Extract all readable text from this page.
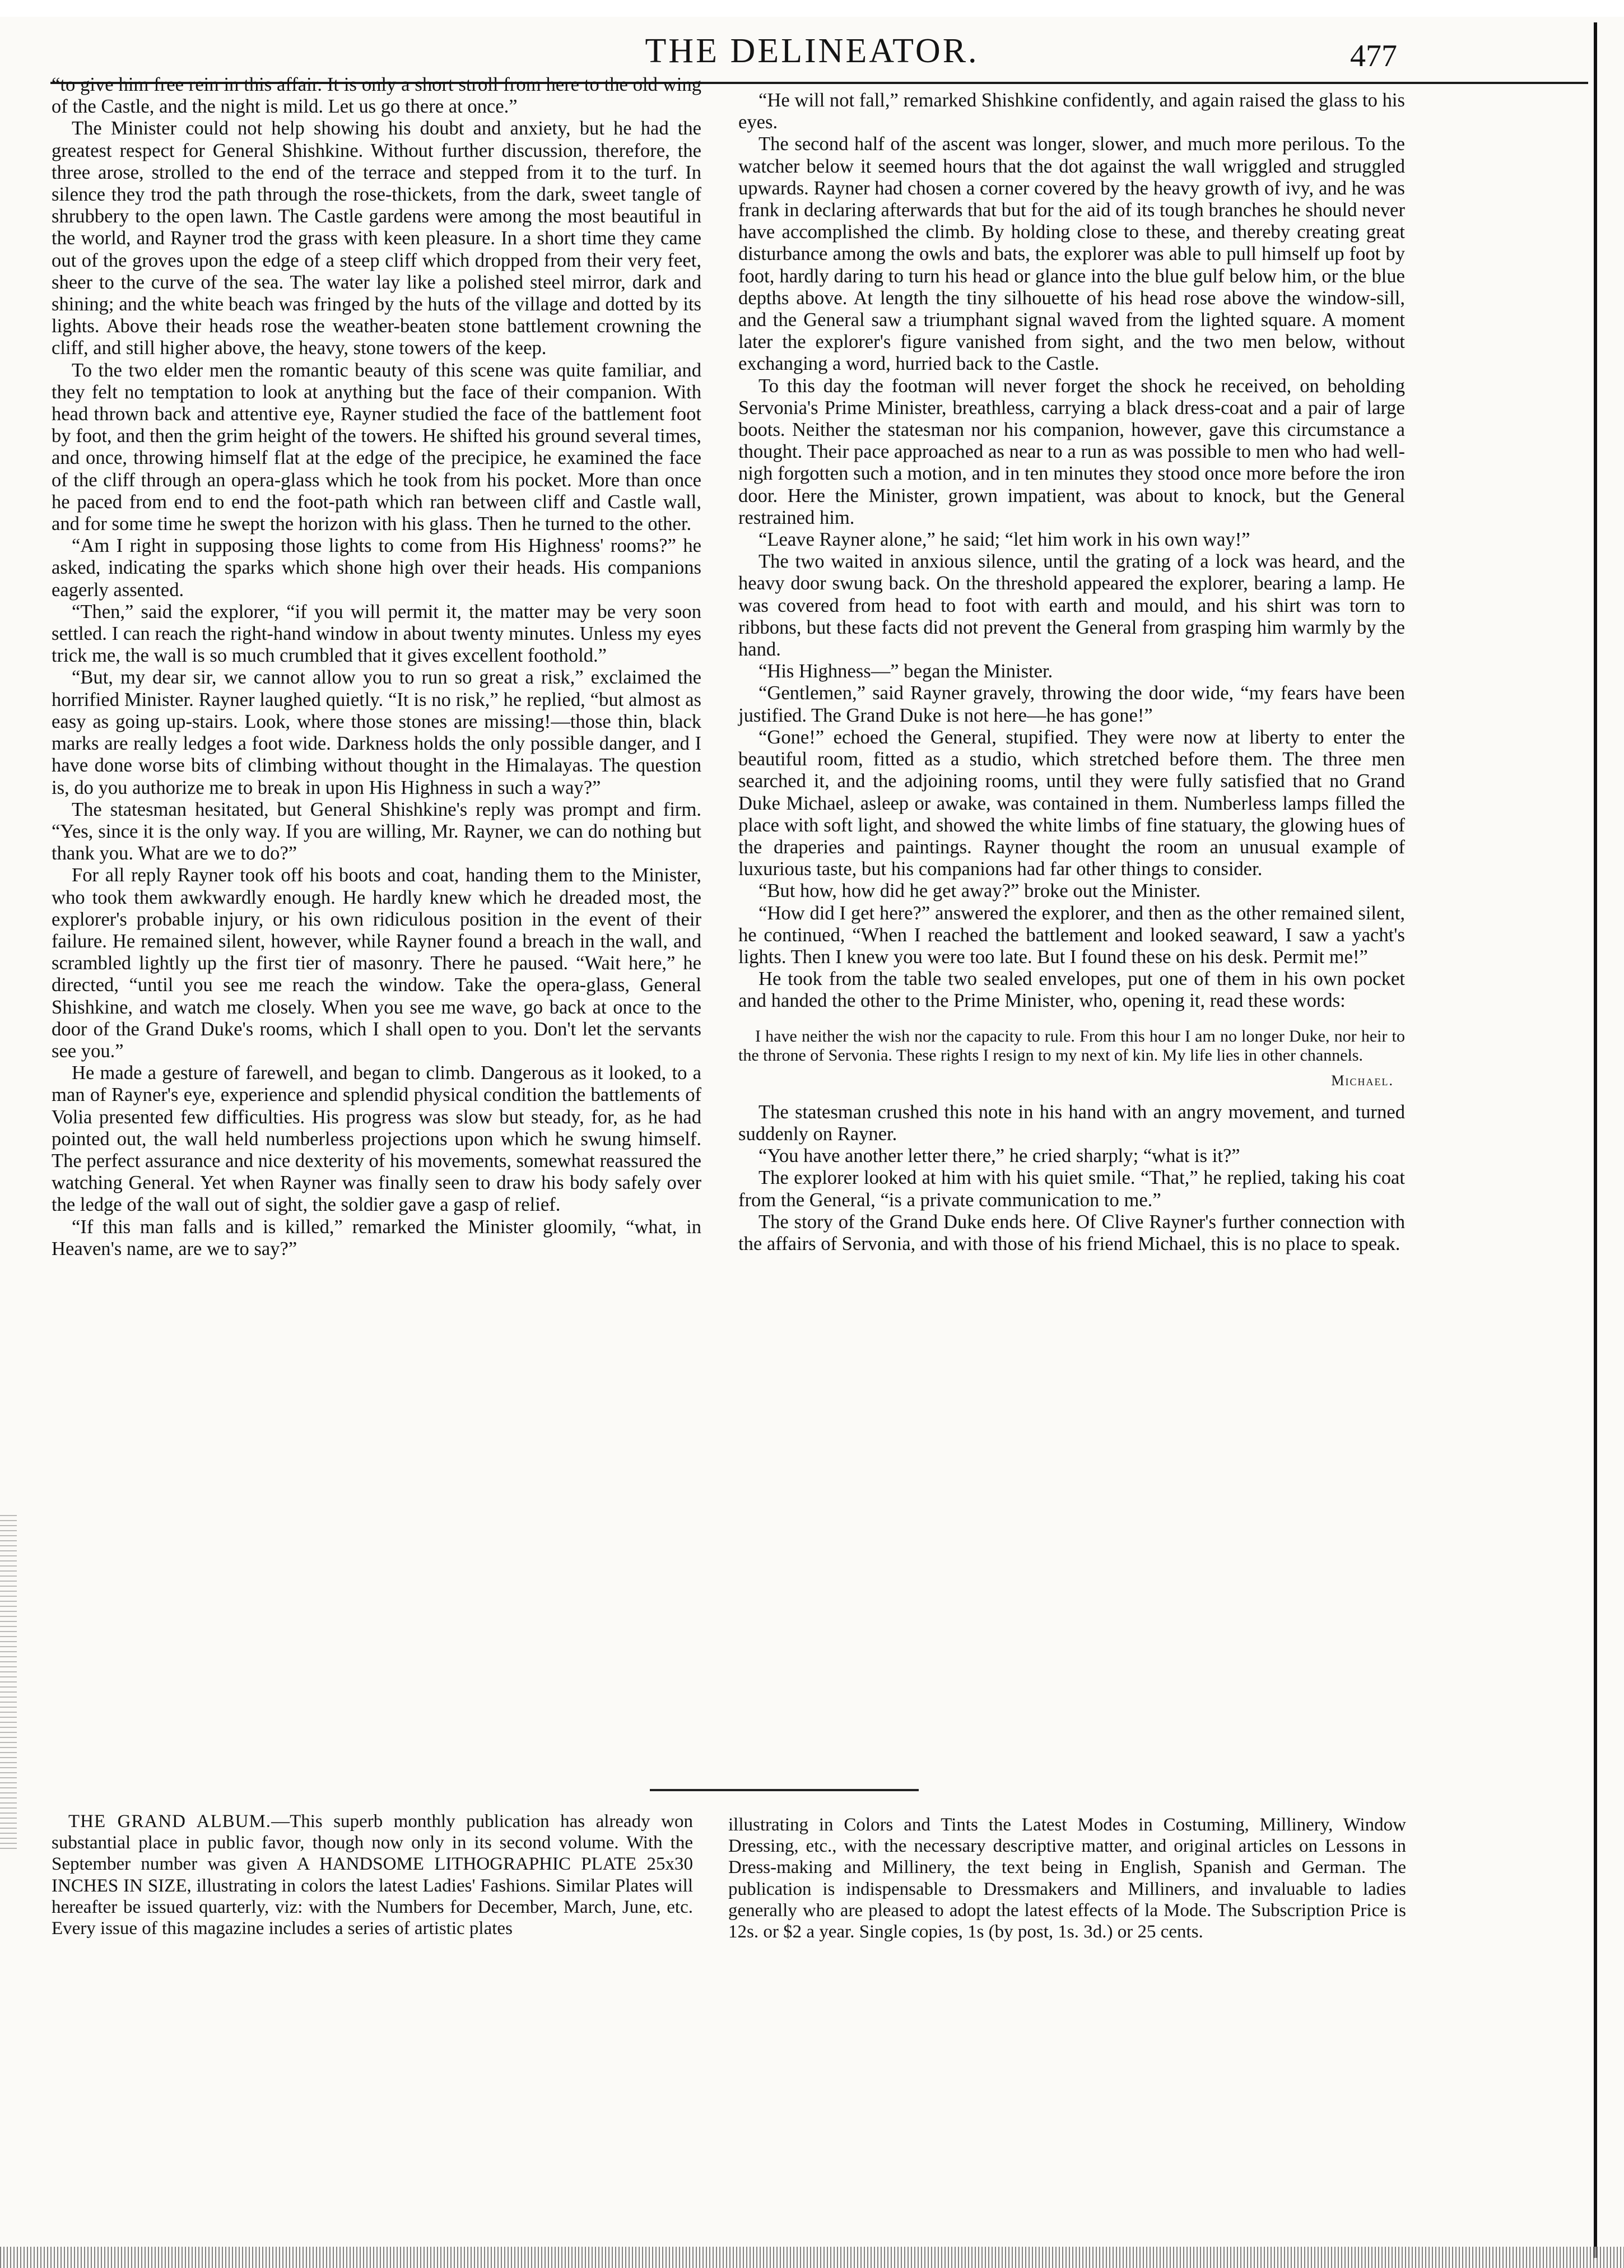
THE DELINEATOR.	477

“to give him free rein in this affair. It is only a short stroll from here to the old wing of the Castle, and the night is mild. Let us go there at once.”

The Minister could not help showing his doubt and anxiety, but he had the greatest respect for General Shishkine. Without further discussion, therefore, the three arose, strolled to the end of the terrace and stepped from it to the turf. In silence they trod the path through the rose-thickets, from the dark, sweet tangle of shrubbery to the open lawn. The Castle gardens were among the most beautiful in the world, and Rayner trod the grass with keen pleasure. In a short time they came out of the groves upon the edge of a steep cliff which dropped from their very feet, sheer to the curve of the sea. The water lay like a polished steel mirror, dark and shining; and the white beach was fringed by the huts of the village and dotted by its lights. Above their heads rose the weather-beaten stone battlement crowning the cliff, and still higher above, the heavy, stone towers of the keep.

To the two elder men the romantic beauty of this scene was quite familiar, and they felt no temptation to look at anything but the face of their companion. With head thrown back and attentive eye, Rayner studied the face of the battlement foot by foot, and then the grim height of the towers. He shifted his ground several times, and once, throwing himself flat at the edge of the precipice, he examined the face of the cliff through an opera-glass which he took from his pocket. More than once he paced from end to end the foot-path which ran between cliff and Castle wall, and for some time he swept the horizon with his glass. Then he turned to the other.

“Am I right in supposing those lights to come from His Highness' rooms?” he asked, indicating the sparks which shone high over their heads. His companions eagerly assented.

“Then,” said the explorer, “if you will permit it, the matter may be very soon settled. I can reach the right-hand window in about twenty minutes. Unless my eyes trick me, the wall is so much crumbled that it gives excellent foothold.”

“But, my dear sir, we cannot allow you to run so great a risk,” exclaimed the horrified Minister. Rayner laughed quietly. “It is no risk,” he replied, “but almost as easy as going up-stairs. Look, where those stones are missing!—those thin, black marks are really ledges a foot wide. Darkness holds the only possible danger, and I have done worse bits of climbing without thought in the Himalayas. The question is, do you authorize me to break in upon His Highness in such a way?”

The statesman hesitated, but General Shishkine's reply was prompt and firm. “Yes, since it is the only way. If you are willing, Mr. Rayner, we can do nothing but thank you. What are we to do?”

For all reply Rayner took off his boots and coat, handing them to the Minister, who took them awkwardly enough. He hardly knew which he dreaded most, the explorer's probable injury, or his own ridiculous position in the event of their failure. He remained silent, however, while Rayner found a breach in the wall, and scrambled lightly up the first tier of masonry. There he paused. “Wait here,” he directed, “until you see me reach the window. Take the opera-glass, General Shishkine, and watch me closely. When you see me wave, go back at once to the door of the Grand Duke's rooms, which I shall open to you. Don't let the servants see you.”

He made a gesture of farewell, and began to climb. Dangerous as it looked, to a man of Rayner's eye, experience and splendid physical condition the battlements of Volia presented few difficulties. His progress was slow but steady, for, as he had pointed out, the wall held numberless projections upon which he swung himself. The perfect assurance and nice dexterity of his movements, somewhat reassured the watching General. Yet when Rayner was finally seen to draw his body safely over the ledge of the wall out of sight, the soldier gave a gasp of relief.

“If this man falls and is killed,” remarked the Minister gloomily, “what, in Heaven's name, are we to say?”

“He will not fall,” remarked Shishkine confidently, and again raised the glass to his eyes.

The second half of the ascent was longer, slower, and much more perilous. To the watcher below it seemed hours that the dot against the wall wriggled and struggled upwards. Rayner had chosen a corner covered by the heavy growth of ivy, and he was frank in declaring afterwards that but for the aid of its tough branches he should never have accomplished the climb. By holding close to these, and thereby creating great disturbance among the owls and bats, the explorer was able to pull himself up foot by foot, hardly daring to turn his head or glance into the blue gulf below him, or the blue depths above. At length the tiny silhouette of his head rose above the window-sill, and the General saw a triumphant signal waved from the lighted square. A moment later the explorer's figure vanished from sight, and the two men below, without exchanging a word, hurried back to the Castle.

To this day the footman will never forget the shock he received, on beholding Servonia's Prime Minister, breathless, carrying a black dress-coat and a pair of large boots. Neither the statesman nor his companion, however, gave this circumstance a thought. Their pace approached as near to a run as was possible to men who had well-nigh forgotten such a motion, and in ten minutes they stood once more before the iron door. Here the Minister, grown impatient, was about to knock, but the General restrained him.

“Leave Rayner alone,” he said; “let him work in his own way!”

The two waited in anxious silence, until the grating of a lock was heard, and the heavy door swung back. On the threshold appeared the explorer, bearing a lamp. He was covered from head to foot with earth and mould, and his shirt was torn to ribbons, but these facts did not prevent the General from grasping him warmly by the hand.

“His Highness—” began the Minister.

“Gentlemen,” said Rayner gravely, throwing the door wide, “my fears have been justified. The Grand Duke is not here—he has gone!”

“Gone!” echoed the General, stupified. They were now at liberty to enter the beautiful room, fitted as a studio, which stretched before them. The three men searched it, and the adjoining rooms, until they were fully satisfied that no Grand Duke Michael, asleep or awake, was contained in them. Numberless lamps filled the place with soft light, and showed the white limbs of fine statuary, the glowing hues of the draperies and paintings. Rayner thought the room an unusual example of luxurious taste, but his companions had far other things to consider.

“But how, how did he get away?” broke out the Minister.

“How did I get here?” answered the explorer, and then as the other remained silent, he continued, “When I reached the battlement and looked seaward, I saw a yacht's lights. Then I knew you were too late. But I found these on his desk. Permit me!”

He took from the table two sealed envelopes, put one of them in his own pocket and handed the other to the Prime Minister, who, opening it, read these words:

I have neither the wish nor the capacity to rule. From this hour I am no longer Duke, nor heir to the throne of Servonia. These rights I resign to my next of kin. My life lies in other channels.

Michael.

The statesman crushed this note in his hand with an angry movement, and turned suddenly on Rayner.

“You have another letter there,” he cried sharply; “what is it?”

The explorer looked at him with his quiet smile. “That,” he replied, taking his coat from the General, “is a private communication to me.”

The story of the Grand Duke ends here. Of Clive Rayner's further connection with the affairs of Servonia, and with those of his friend Michael, this is no place to speak.

THE GRAND ALBUM.—This superb monthly publication has already won substantial place in public favor, though now only in its second volume. With the September number was given A HANDSOME LITHOGRAPHIC PLATE 25x30 INCHES IN SIZE, illustrating in colors the latest Ladies' Fashions. Similar Plates will hereafter be issued quarterly, viz: with the Numbers for December, March, June, etc. Every issue of this magazine includes a series of artistic plates

illustrating in Colors and Tints the Latest Modes in Costuming, Millinery, Window Dressing, etc., with the necessary descriptive matter, and original articles on Lessons in Dress-making and Millinery, the text being in English, Spanish and German. The publication is indispensable to Dressmakers and Milliners, and invaluable to ladies generally who are pleased to adopt the latest effects of la Mode. The Subscription Price is 12s. or $2 a year. Single copies, 1s (by post, 1s. 3d.) or 25 cents.
